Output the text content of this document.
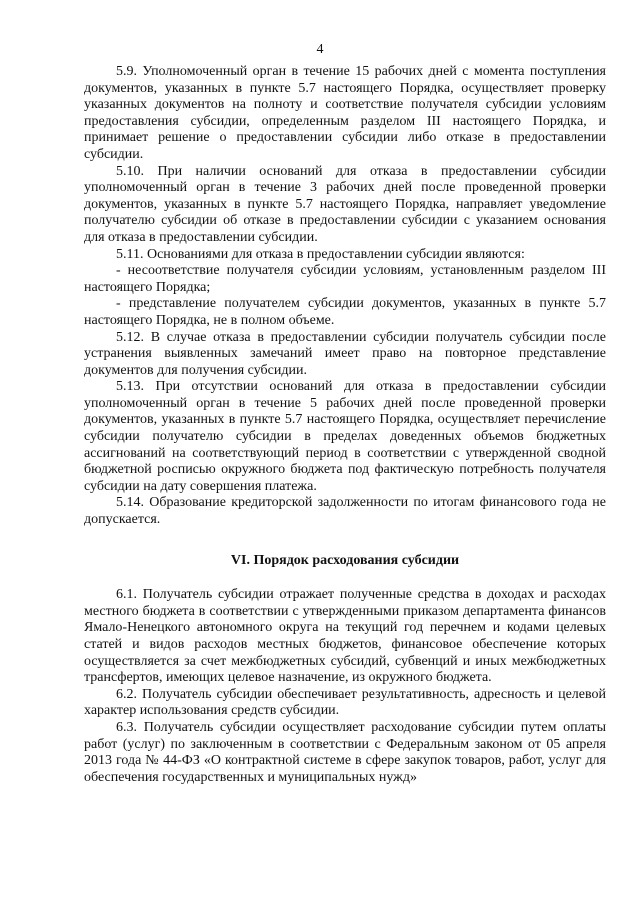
4

5.9. Уполномоченный орган в течение 15 рабочих дней с момента поступления документов, указанных в пункте 5.7 настоящего Порядка, осуществляет проверку указанных документов на полноту и соответствие получателя субсидии условиям предоставления субсидии, определенным разделом III настоящего Порядка, и принимает решение о предоставлении субсидии либо отказе в предоставлении субсидии.

5.10. При наличии оснований для отказа в предоставлении субсидии уполномоченный орган в течение 3 рабочих дней после проведенной проверки документов, указанных в пункте 5.7 настоящего Порядка, направляет уведомление получателю субсидии об отказе в предоставлении субсидии с указанием основания для отказа в предоставлении субсидии.

5.11. Основаниями для отказа в предоставлении субсидии являются:

- несоответствие получателя субсидии условиям, установленным разделом III настоящего Порядка;

- представление получателем субсидии документов, указанных в пункте 5.7 настоящего Порядка, не в полном объеме.

5.12. В случае отказа в предоставлении субсидии получатель субсидии после устранения выявленных замечаний имеет право на повторное представление документов для получения субсидии.

5.13. При отсутствии оснований для отказа в предоставлении субсидии уполномоченный орган в течение 5 рабочих дней после проведенной проверки документов, указанных в пункте 5.7 настоящего Порядка, осуществляет перечисление субсидии получателю субсидии в пределах доведенных объемов бюджетных ассигнований на соответствующий период в соответствии с утвержденной сводной бюджетной росписью окружного бюджета под фактическую потребность получателя субсидии на дату совершения платежа.

5.14. Образование кредиторской задолженности по итогам финансового года не допускается.

VI. Порядок расходования субсидии

6.1. Получатель субсидии отражает полученные средства в доходах и расходах местного бюджета в соответствии с утвержденными приказом департамента финансов Ямало-Ненецкого автономного округа на текущий год перечнем и кодами целевых статей и видов расходов местных бюджетов, финансовое обеспечение которых осуществляется за счет межбюджетных субсидий, субвенций и иных межбюджетных трансфертов, имеющих целевое назначение, из окружного бюджета.

6.2. Получатель субсидии обеспечивает результативность, адресность и целевой характер использования средств субсидии.

6.3. Получатель субсидии осуществляет расходование субсидии путем оплаты работ (услуг) по заключенным в соответствии с Федеральным законом от 05 апреля 2013 года № 44-ФЗ «О контрактной системе в сфере закупок товаров, работ, услуг для обеспечения государственных и муниципальных нужд»
